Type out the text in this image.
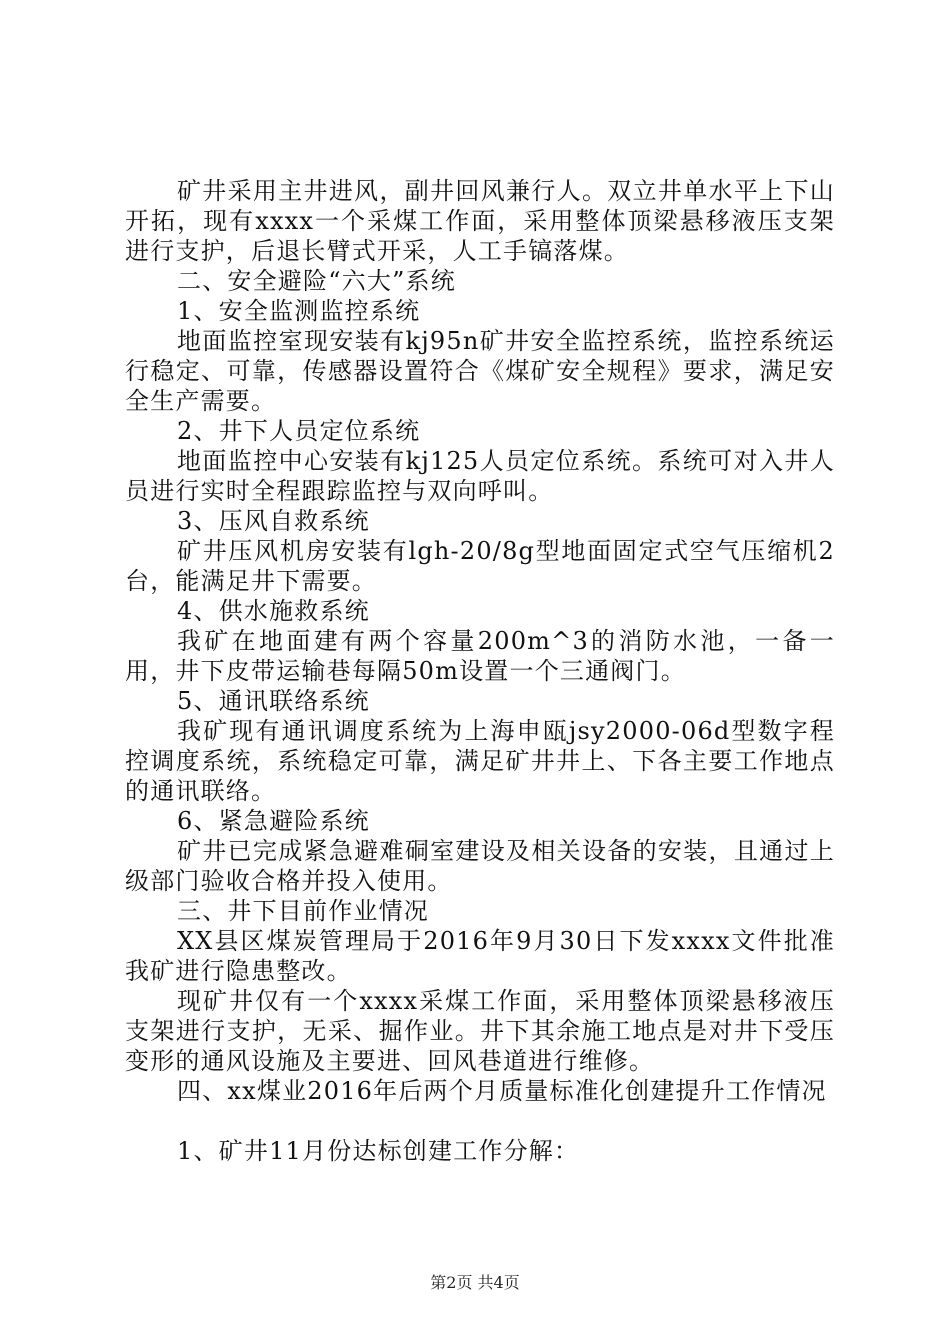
矿井采用主井进风，副井回风兼行人。双立井单水平上下山开拓，现有xxxx一个采煤工作面，采用整体顶梁悬移液压支架进行支护，后退长臂式开采，人工手镐落煤。

二、安全避险“六大”系统

1、安全监测监控系统

地面监控室现安装有kj95n矿井安全监控系统，监控系统运行稳定、可靠，传感器设置符合《煤矿安全规程》要求，满足安全生产需要。

2、井下人员定位系统

地面监控中心安装有kj125人员定位系统。系统可对入井人员进行实时全程跟踪监控与双向呼叫。

3、压风自救系统

矿井压风机房安装有lgh-20/8g型地面固定式空气压缩机2台，能满足井下需要。

4、供水施救系统

我矿在地面建有两个容量200m^3的消防水池，一备一用，井下皮带运输巷每隔50m设置一个三通阀门。

5、通讯联络系统

我矿现有通讯调度系统为上海申瓯jsy2000-06d型数字程控调度系统，系统稳定可靠，满足矿井井上、下各主要工作地点的通讯联络。

6、紧急避险系统

矿井已完成紧急避难硐室建设及相关设备的安装，且通过上级部门验收合格并投入使用。

三、井下目前作业情况

XX县区煤炭管理局于2016年9月30日下发xxxx文件批准我矿进行隐患整改。

现矿井仅有一个xxxx采煤工作面，采用整体顶梁悬移液压支架进行支护，无采、掘作业。井下其余施工地点是对井下受压变形的通风设施及主要进、回风巷道进行维修。

四、xx煤业2016年后两个月质量标准化创建提升工作情况

1、矿井11月份达标创建工作分解：

第2页 共4页
